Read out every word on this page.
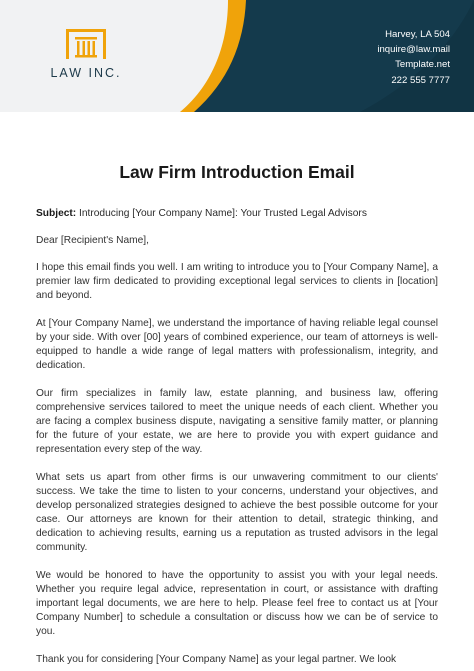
LAW INC.
Harvey, LA 504
inquire@law.mail
Template.net
222 555 7777
Law Firm Introduction Email
Subject: Introducing [Your Company Name]: Your Trusted Legal Advisors

Dear [Recipient's Name],

I hope this email finds you well. I am writing to introduce you to [Your Company Name], a premier law firm dedicated to providing exceptional legal services to clients in [location] and beyond.

At [Your Company Name], we understand the importance of having reliable legal counsel by your side. With over [00] years of combined experience, our team of attorneys is well-equipped to handle a wide range of legal matters with professionalism, integrity, and dedication.

Our firm specializes in family law, estate planning, and business law, offering comprehensive services tailored to meet the unique needs of each client. Whether you are facing a complex business dispute, navigating a sensitive family matter, or planning for the future of your estate, we are here to provide you with expert guidance and representation every step of the way.

What sets us apart from other firms is our unwavering commitment to our clients' success. We take the time to listen to your concerns, understand your objectives, and develop personalized strategies designed to achieve the best possible outcome for your case. Our attorneys are known for their attention to detail, strategic thinking, and dedication to achieving results, earning us a reputation as trusted advisors in the legal community.

We would be honored to have the opportunity to assist you with your legal needs. Whether you require legal advice, representation in court, or assistance with drafting important legal documents, we are here to help. Please feel free to contact us at [Your Company Number] to schedule a consultation or discuss how we can be of service to you.

Thank you for considering [Your Company Name] as your legal partner. We look
